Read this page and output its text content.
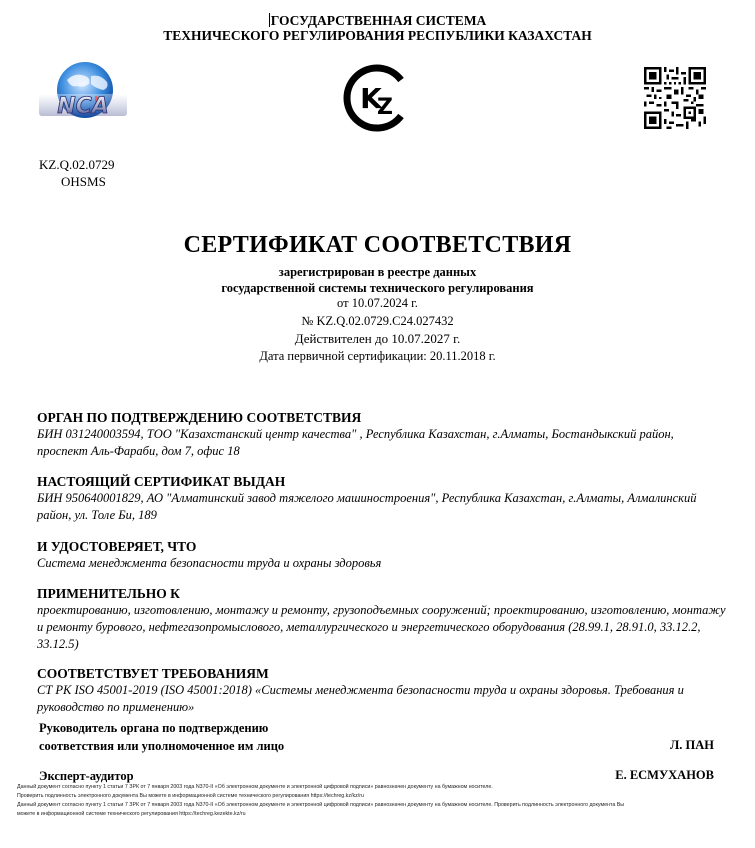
ГОСУДАРСТВЕННАЯ СИСТЕМА
ТЕХНИЧЕСКОГО РЕГУЛИРОВАНИЯ РЕСПУБЛИКИ КАЗАХСТАН
NCA	K
Z
KZ.Q.02.0729
OHSMS
СЕРТИФИКАТ СООТВЕТСТВИЯ
зарегистрирован в реестре данных
государственной системы технического регулирования
от 10.07.2024 г.
№ KZ.Q.02.0729.C24.027432
Действителен до 10.07.2027 г.
Дата первичной сертификации: 20.11.2018 г.
ОРГАН ПО ПОДТВЕРЖДЕНИЮ СООТВЕТСТВИЯ
БИН 031240003594, ТОО "Казахстанский центр качества" , Республика Казахстан, г.Алматы, Бостандыкский район, проспект Аль-Фараби, дом 7, офис 18
НАСТОЯЩИЙ СЕРТИФИКАТ ВЫДАН
БИН 950640001829, АО "Алматинский завод тяжелого машиностроения", Республика Казахстан, г.Алматы, Алмалинский район, ул. Толе Би, 189
И УДОСТОВЕРЯЕТ, ЧТО
Система менеджмента безопасности труда и охраны здоровья
ПРИМЕНИТЕЛЬНО К
проектированию, изготовлению, монтажу и ремонту, грузоподъемных сооружений; проектированию, изготовлению, монтажу и ремонту бурового, нефтегазопромыслового, металлургического и энергетического оборудования (28.99.1, 28.91.0, 33.12.2, 33.12.5)
СООТВЕТСТВУЕТ ТРЕБОВАНИЯМ
СТ РК ISO 45001-2019 (ISO 45001:2018) «Системы менеджмента безопасности труда и охраны здоровья. Требования и руководство по применению»
Руководитель органа по подтверждению
соответствия или уполномоченное им лицо	Л. ПАН
Эксперт-аудитор	Е. ЕСМУХАНОВ
Данный документ согласно пункту 1 статьи 7 ЗРК от 7 января 2003 года N370-II «Об электронном документе и электронной цифровой подписи» равнозначен документу на бумажном носителе.
Проверить подлинность электронного документа Вы можете в информационной системе технического регулирования https://techreg.kz/kz/ru
Данный документ согласно пункту 1 статьи 7 ЗРК от 7 января 2003 года N370-II «Об электронном документе и электронной цифровой подписи» равнозначен документу на бумажном носителе. Проверить подлинность электронного документа Вы
можете в информационной системе технического регулирования https://techreg.kezekte.kz/ru
